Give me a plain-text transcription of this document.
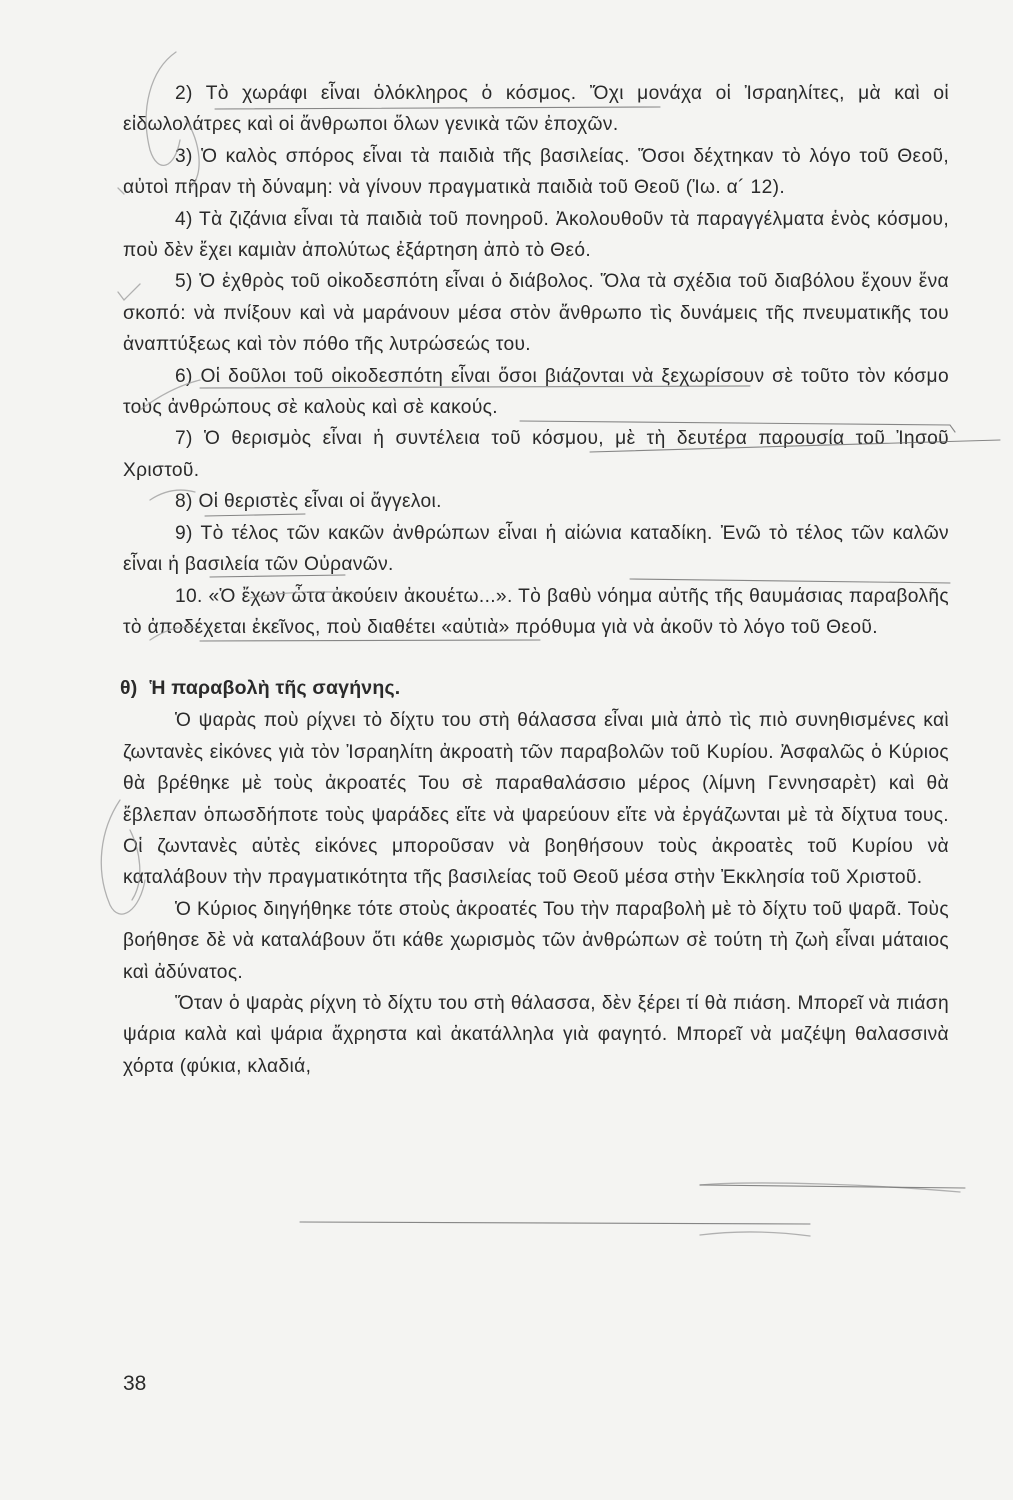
2) Τὸ χωράφι εἶναι ὁλόκληρος ὁ κόσμος. Ὄχι μονάχα οἱ Ἰσραηλίτες, μὰ καὶ οἱ εἰδωλολάτρες καὶ οἱ ἄνθρωποι ὅλων γενικὰ τῶν ἐποχῶν.

3) Ὁ καλὸς σπόρος εἶναι τὰ παιδιὰ τῆς βασιλείας. Ὅσοι δέχτηκαν τὸ λόγο τοῦ Θεοῦ, αὐτοὶ πῆραν τὴ δύναμη: νὰ γίνουν πραγματικὰ παιδιὰ τοῦ Θεοῦ (Ἰω. α´ 12).

4) Τὰ ζιζάνια εἶναι τὰ παιδιὰ τοῦ πονηροῦ. Ἀκολουθοῦν τὰ παραγγέλματα ἑνὸς κόσμου, ποὺ δὲν ἔχει καμιὰν ἀπολύτως ἐξάρτηση ἀπὸ τὸ Θεό.

5) Ὁ ἐχθρὸς τοῦ οἰκοδεσπότη εἶναι ὁ διάβολος. Ὅλα τὰ σχέδια τοῦ διαβόλου ἔχουν ἕνα σκοπό: νὰ πνίξουν καὶ νὰ μαράνουν μέσα στὸν ἄνθρωπο τὶς δυνάμεις τῆς πνευματικῆς του ἀναπτύξεως καὶ τὸν πόθο τῆς λυτρώσεώς του.

6) Οἱ δοῦλοι τοῦ οἰκοδεσπότη εἶναι ὅσοι βιάζονται νὰ ξεχωρίσουν σὲ τοῦτο τὸν κόσμο τοὺς ἀνθρώπους σὲ καλοὺς καὶ σὲ κακούς.

7) Ὁ θερισμὸς εἶναι ἡ συντέλεια τοῦ κόσμου, μὲ τὴ δευτέρα παρουσία τοῦ Ἰησοῦ Χριστοῦ.

8) Οἱ θεριστὲς εἶναι οἱ ἄγγελοι.

9) Τὸ τέλος τῶν κακῶν ἀνθρώπων εἶναι ἡ αἰώνια καταδίκη. Ἐνῶ τὸ τέλος τῶν καλῶν εἶναι ἡ βασιλεία τῶν Οὐρανῶν.

10. «Ὁ ἔχων ὦτα ἀκούειν ἀκουέτω...». Τὸ βαθὺ νόημα αὐτῆς τῆς θαυμάσιας παραβολῆς τὸ ἀποδέχεται ἐκεῖνος, ποὺ διαθέτει «αὐτιὰ» πρόθυμα γιὰ νὰ ἀκοῦν τὸ λόγο τοῦ Θεοῦ.

θ) Ἡ παραβολὴ τῆς σαγήνης.

Ὁ ψαρὰς ποὺ ρίχνει τὸ δίχτυ του στὴ θάλασσα εἶναι μιὰ ἀπὸ τὶς πιὸ συνηθισμένες καὶ ζωντανὲς εἰκόνες γιὰ τὸν Ἰσραηλίτη ἀκροατὴ τῶν παραβολῶν τοῦ Κυρίου. Ἀσφαλῶς ὁ Κύριος θὰ βρέθηκε μὲ τοὺς ἀκροατές Του σὲ παραθαλάσσιο μέρος (λίμνη Γεννησαρὲτ) καὶ θὰ ἔβλεπαν ὁπωσδήποτε τοὺς ψαράδες εἴτε νὰ ψαρεύουν εἴτε νὰ ἐργάζωνται μὲ τὰ δίχτυα τους. Οἱ ζωντανὲς αὐτὲς εἰκόνες μποροῦσαν νὰ βοηθήσουν τοὺς ἀκροατὲς τοῦ Κυρίου νὰ καταλάβουν τὴν πραγματικότητα τῆς βασιλείας τοῦ Θεοῦ μέσα στὴν Ἐκκλησία τοῦ Χριστοῦ.

Ὁ Κύριος διηγήθηκε τότε στοὺς ἀκροατές Του τὴν παραβολὴ μὲ τὸ δίχτυ τοῦ ψαρᾶ. Τοὺς βοήθησε δὲ νὰ καταλάβουν ὅτι κάθε χωρισμὸς τῶν ἀνθρώπων σὲ τούτη τὴ ζωὴ εἶναι μάταιος καὶ ἀδύνατος.

Ὅταν ὁ ψαρὰς ρίχνη τὸ δίχτυ του στὴ θάλασσα, δὲν ξέρει τί θὰ πιάση. Μπορεῖ νὰ πιάση ψάρια καλὰ καὶ ψάρια ἄχρηστα καὶ ἀκατάλληλα γιὰ φαγητό. Μπορεῖ νὰ μαζέψη θαλασσινὰ χόρτα (φύκια, κλαδιά,

38
